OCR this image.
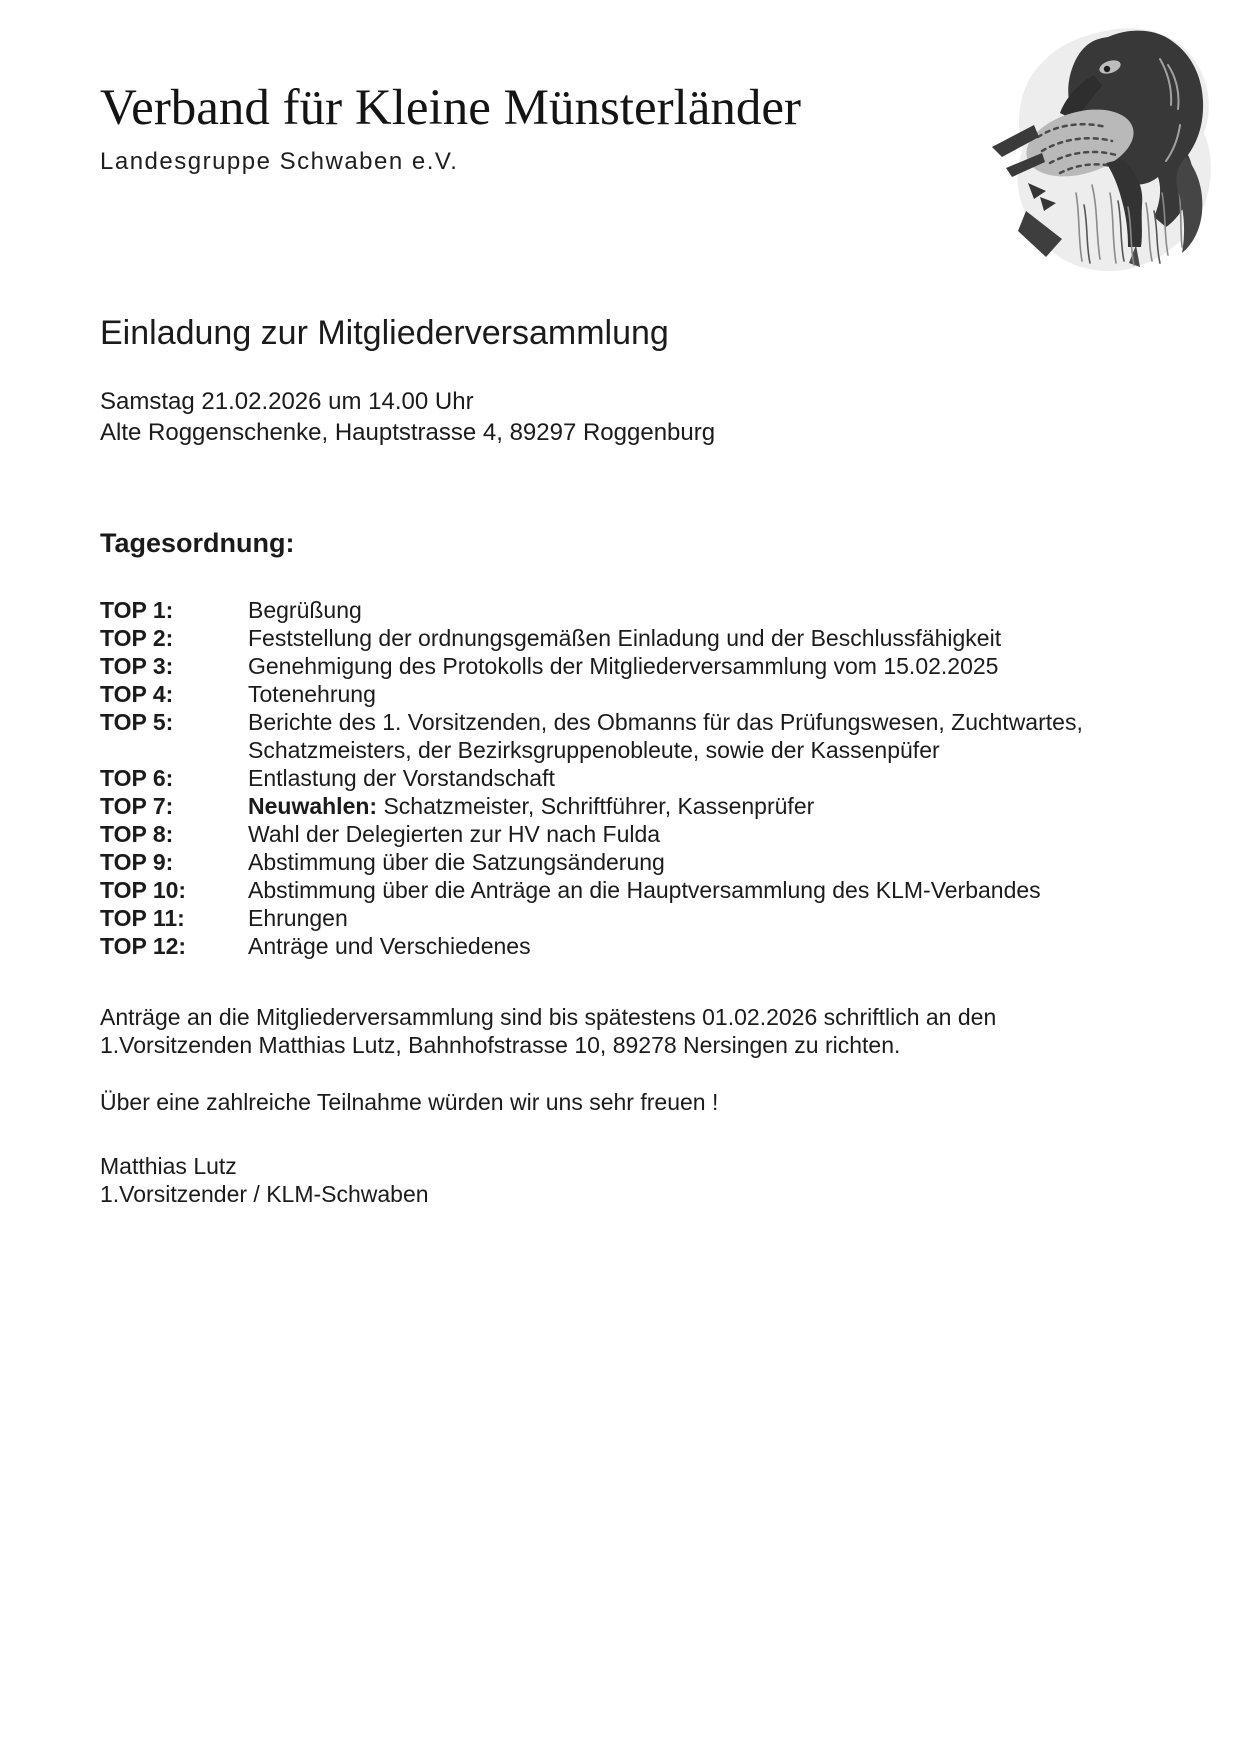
Verband für Kleine Münsterländer
Landesgruppe Schwaben e.V.
Einladung zur Mitgliederversammlung
Samstag 21.02.2026 um 14.00 Uhr
Alte Roggenschenke, Hauptstrasse 4, 89297 Roggenburg
Tagesordnung:
TOP 1:	Begrüßung
TOP 2:	Feststellung der ordnungsgemäßen Einladung und der Beschlussfähigkeit
TOP 3:	Genehmigung des Protokolls der Mitgliederversammlung vom 15.02.2025
TOP 4:	Totenehrung
TOP 5:	Berichte des 1. Vorsitzenden, des Obmanns für das Prüfungswesen, Zuchtwartes,
Schatzmeisters, der Bezirksgruppenobleute, sowie der Kassenpüfer
TOP 6:	Entlastung der Vorstandschaft
TOP 7:	Neuwahlen: Schatzmeister, Schriftführer, Kassenprüfer
TOP 8:	Wahl der Delegierten zur HV nach Fulda
TOP 9:	Abstimmung über die Satzungsänderung
TOP 10:	Abstimmung über die Anträge an die Hauptversammlung des KLM-Verbandes
TOP 11:	Ehrungen
TOP 12:	Anträge und Verschiedenes
Anträge an die Mitgliederversammlung sind bis spätestens 01.02.2026 schriftlich an den
1.Vorsitzenden Matthias Lutz, Bahnhofstrasse 10, 89278 Nersingen zu richten.
Über eine zahlreiche Teilnahme würden wir uns sehr freuen !
Matthias Lutz
1.Vorsitzender / KLM-Schwaben
